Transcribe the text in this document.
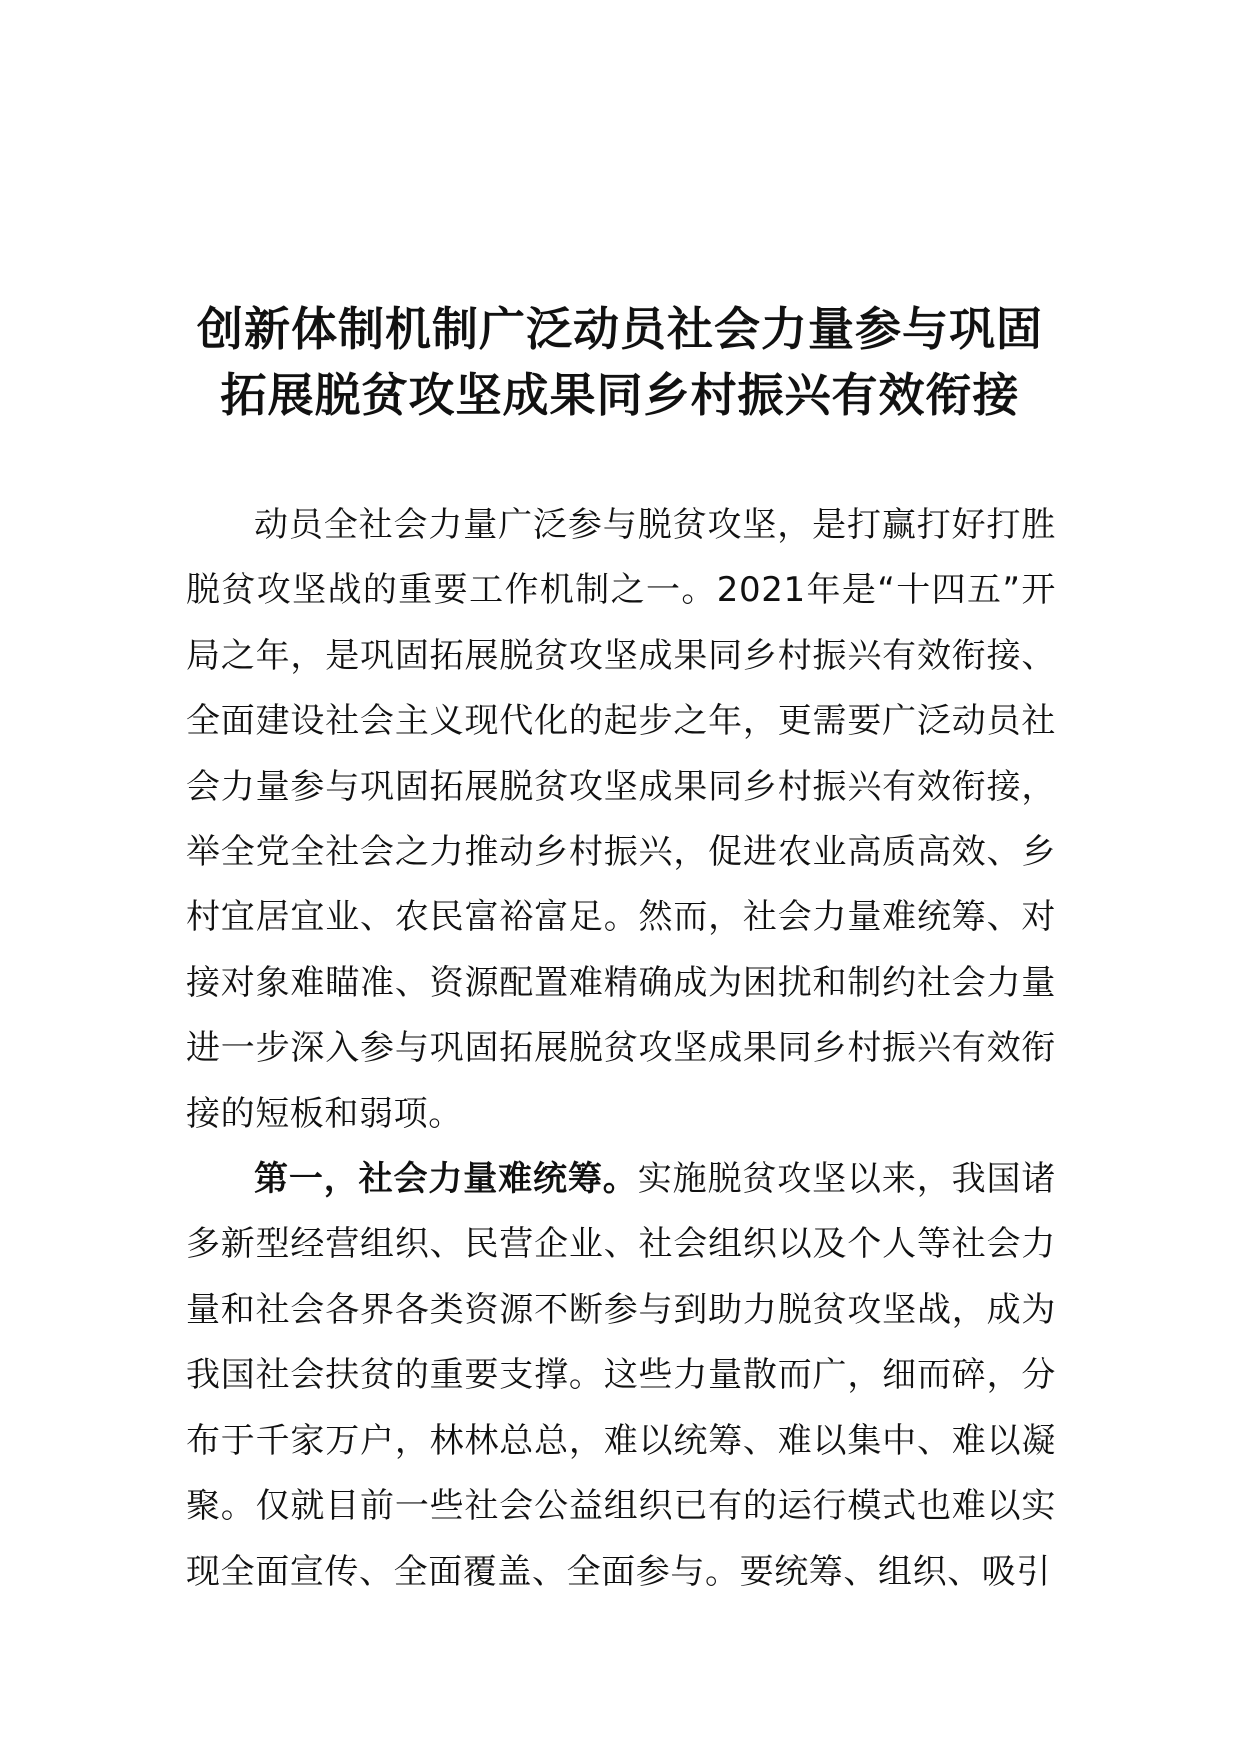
创新体制机制广泛动员社会力量参与巩固
拓展脱贫攻坚成果同乡村振兴有效衔接

动员全社会力量广泛参与脱贫攻坚，是打赢打好打胜脱贫攻坚战的重要工作机制之一。2021年是“十四五”开局之年，是巩固拓展脱贫攻坚成果同乡村振兴有效衔接、全面建设社会主义现代化的起步之年，更需要广泛动员社会力量参与巩固拓展脱贫攻坚成果同乡村振兴有效衔接，举全党全社会之力推动乡村振兴，促进农业高质高效、乡村宜居宜业、农民富裕富足。然而，社会力量难统筹、对接对象难瞄准、资源配置难精确成为困扰和制约社会力量进一步深入参与巩固拓展脱贫攻坚成果同乡村振兴有效衔接的短板和弱项。

第一，社会力量难统筹。实施脱贫攻坚以来，我国诸多新型经营组织、民营企业、社会组织以及个人等社会力量和社会各界各类资源不断参与到助力脱贫攻坚战，成为我国社会扶贫的重要支撑。这些力量散而广，细而碎，分布于千家万户，林林总总，难以统筹、难以集中、难以凝聚。仅就目前一些社会公益组织已有的运行模式也难以实现全面宣传、全面覆盖、全面参与。要统筹、组织、吸引
